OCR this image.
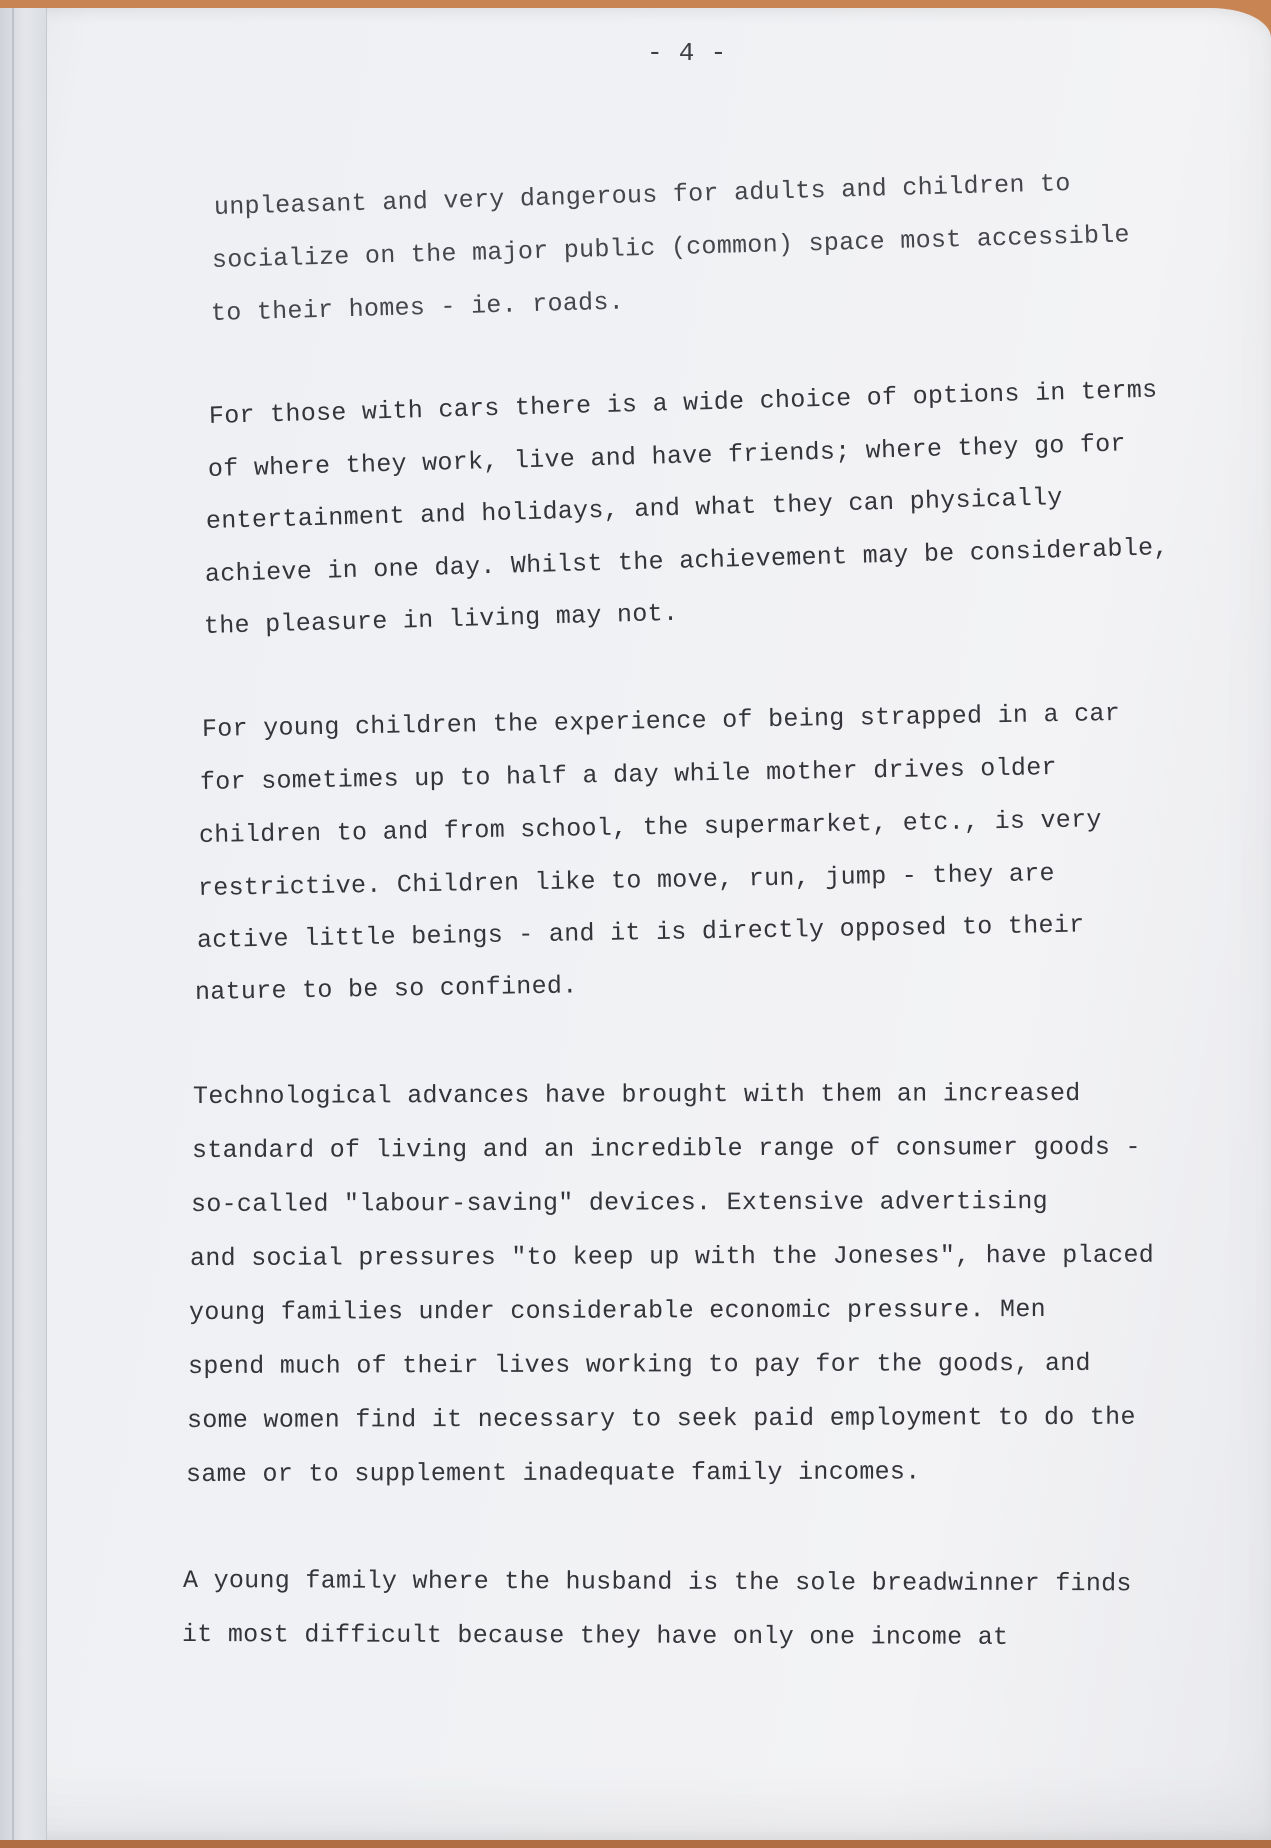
- 4 -
unpleasant and very dangerous for adults and children to
socialize on the major public (common) space most accessible
to their homes - ie. roads.
For those with cars there is a wide choice of options in terms
of where they work, live and have friends; where they go for
entertainment and holidays, and what they can physically
achieve in one day. Whilst the achievement may be considerable,
the pleasure in living may not.
For young children the experience of being strapped in a car
for sometimes up to half a day while mother drives older
children to and from school, the supermarket, etc., is very
restrictive. Children like to move, run, jump - they are
active little beings - and it is directly opposed to their
nature to be so confined.
Technological advances have brought with them an increased
standard of living and an incredible range of consumer goods -
so-called "labour-saving" devices. Extensive advertising
and social pressures "to keep up with the Joneses", have placed
young families under considerable economic pressure. Men
spend much of their lives working to pay for the goods, and
some women find it necessary to seek paid employment to do the
same or to supplement inadequate family incomes.
A young family where the husband is the sole breadwinner finds
it most difficult because they have only one income at
